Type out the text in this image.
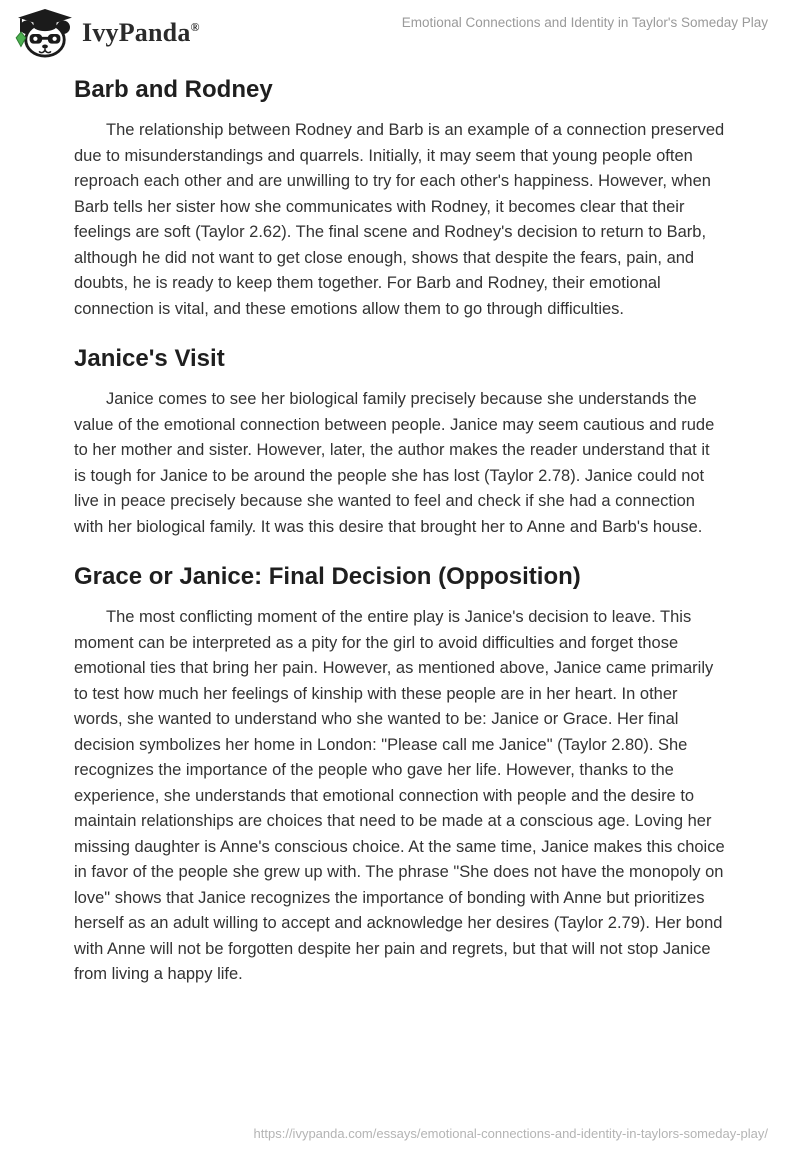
IvyPanda®	Emotional Connections and Identity in Taylor's Someday Play
Barb and Rodney

The relationship between Rodney and Barb is an example of a connection preserved due to misunderstandings and quarrels. Initially, it may seem that young people often reproach each other and are unwilling to try for each other's happiness. However, when Barb tells her sister how she communicates with Rodney, it becomes clear that their feelings are soft (Taylor 2.62). The final scene and Rodney's decision to return to Barb, although he did not want to get close enough, shows that despite the fears, pain, and doubts, he is ready to keep them together. For Barb and Rodney, their emotional connection is vital, and these emotions allow them to go through difficulties.

Janice's Visit

Janice comes to see her biological family precisely because she understands the value of the emotional connection between people. Janice may seem cautious and rude to her mother and sister. However, later, the author makes the reader understand that it is tough for Janice to be around the people she has lost (Taylor 2.78). Janice could not live in peace precisely because she wanted to feel and check if she had a connection with her biological family. It was this desire that brought her to Anne and Barb's house.

Grace or Janice: Final Decision (Opposition)

The most conflicting moment of the entire play is Janice's decision to leave. This moment can be interpreted as a pity for the girl to avoid difficulties and forget those emotional ties that bring her pain. However, as mentioned above, Janice came primarily to test how much her feelings of kinship with these people are in her heart. In other words, she wanted to understand who she wanted to be: Janice or Grace. Her final decision symbolizes her home in London: "Please call me Janice" (Taylor 2.80). She recognizes the importance of the people who gave her life. However, thanks to the experience, she understands that emotional connection with people and the desire to maintain relationships are choices that need to be made at a conscious age. Loving her missing daughter is Anne's conscious choice. At the same time, Janice makes this choice in favor of the people she grew up with. The phrase "She does not have the monopoly on love" shows that Janice recognizes the importance of bonding with Anne but prioritizes herself as an adult willing to accept and acknowledge her desires (Taylor 2.79). Her bond with Anne will not be forgotten despite her pain and regrets, but that will not stop Janice from living a happy life.

https://ivypanda.com/essays/emotional-connections-and-identity-in-taylors-someday-play/
